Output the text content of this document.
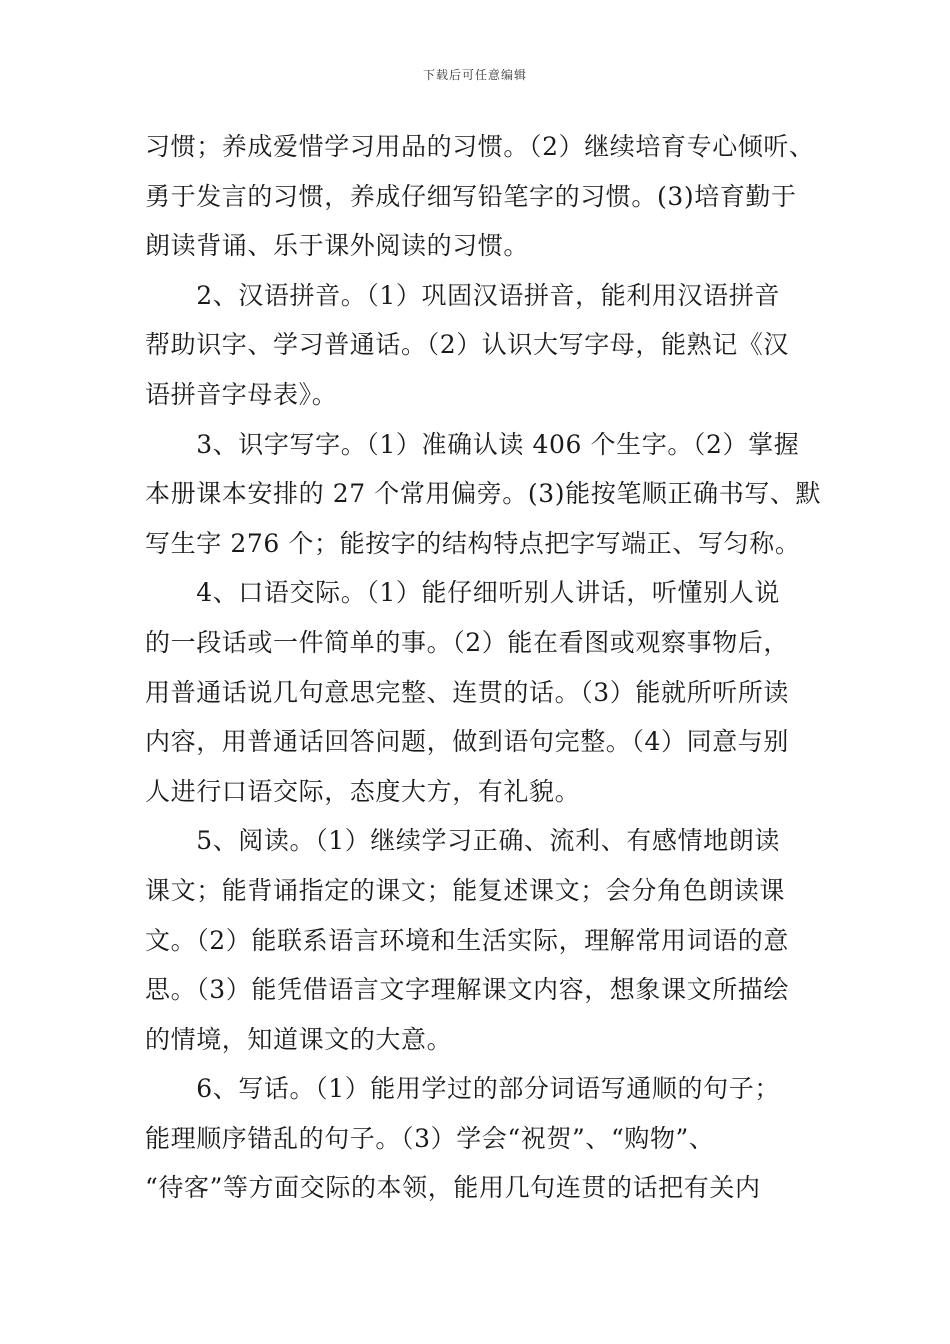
下载后可任意编辑
习惯；养成爱惜学习用品的习惯。（2）继续培育专心倾听、
勇于发言的习惯，养成仔细写铅笔字的习惯。(3)培育勤于
朗读背诵、乐于课外阅读的习惯。
　　2、汉语拼音。（1）巩固汉语拼音，能利用汉语拼音
帮助识字、学习普通话。（2）认识大写字母，能熟记《汉
语拼音字母表》。
　　3、识字写字。（1）准确认读 406 个生字。（2）掌握
本册课本安排的 27 个常用偏旁。(3)能按笔顺正确书写、默
写生字 276 个；能按字的结构特点把字写端正、写匀称。
　　4、口语交际。（1）能仔细听别人讲话，听懂别人说
的一段话或一件简单的事。（2）能在看图或观察事物后，
用普通话说几句意思完整、连贯的话。（3）能就所听所读
内容，用普通话回答问题，做到语句完整。（4）同意与别
人进行口语交际，态度大方，有礼貌。
　　5、阅读。（1）继续学习正确、流利、有感情地朗读
课文；能背诵指定的课文；能复述课文；会分角色朗读课
文。（2）能联系语言环境和生活实际，理解常用词语的意
思。（3）能凭借语言文字理解课文内容，想象课文所描绘
的情境，知道课文的大意。
　　6、写话。（1）能用学过的部分词语写通顺的句子；
能理顺序错乱的句子。（3）学会“祝贺”、“购物”、
“待客”等方面交际的本领，能用几句连贯的话把有关内
